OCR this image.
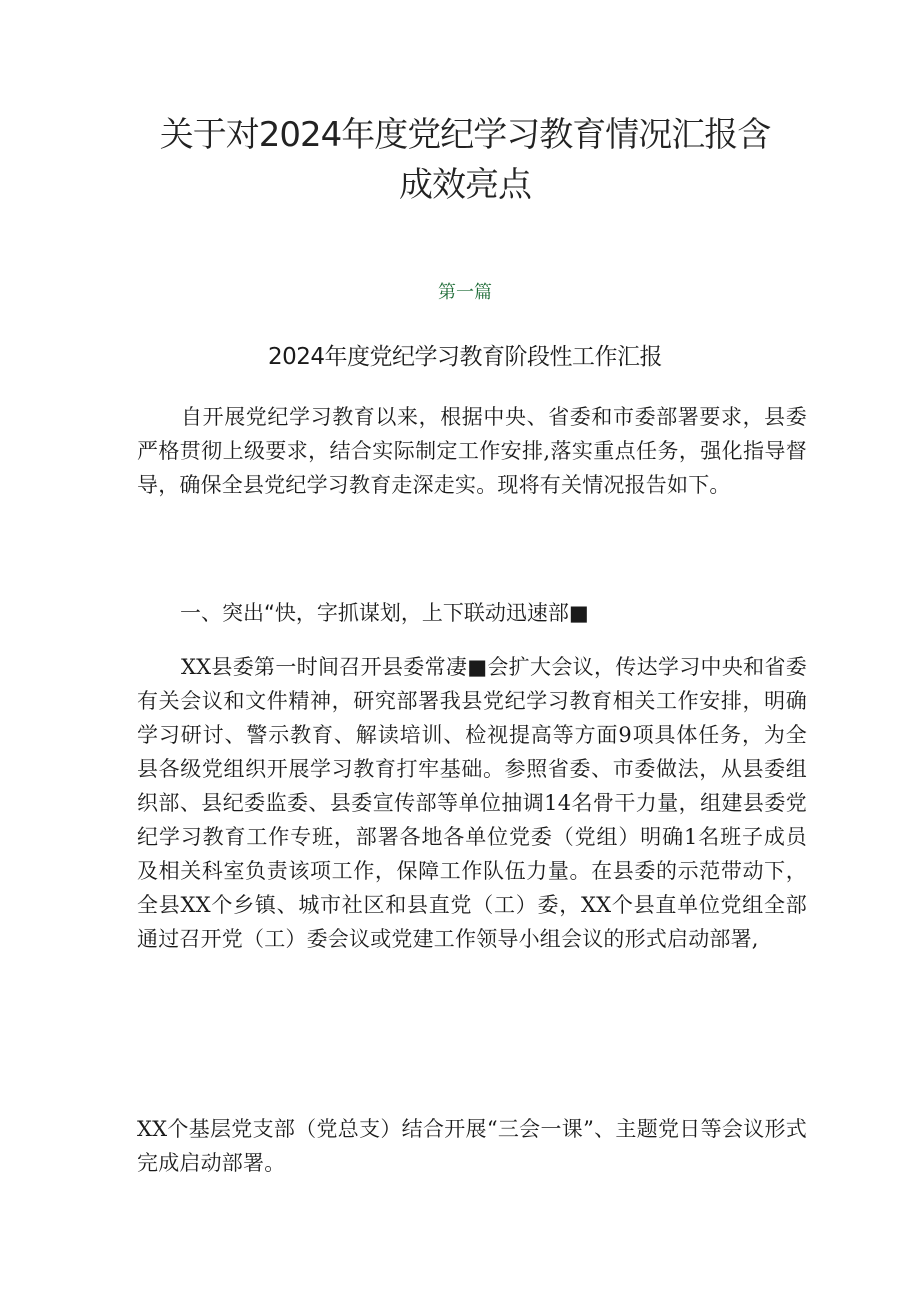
关于对2024年度党纪学习教育情况汇报含
成效亮点
第一篇
2024年度党纪学习教育阶段性工作汇报

自开展党纪学习教育以来，根据中央、省委和市委部署要求，县委严格贯彻上级要求，结合实际制定工作安排,落实重点任务，强化指导督导，确保全县党纪学习教育走深走实。现将有关情况报告如下。

一、突出“快，字抓谋划，上下联动迅速部■

XX县委第一时间召开县委常凄■会扩大会议，传达学习中央和省委有关会议和文件精神，研究部署我县党纪学习教育相关工作安排，明确学习研讨、警示教育、解读培训、检视提高等方面9项具体任务，为全县各级党组织开展学习教育打牢基础。参照省委、市委做法，从县委组织部、县纪委监委、县委宣传部等单位抽调14名骨干力量，组建县委党纪学习教育工作专班，部署各地各单位党委（党组）明确1名班子成员及相关科室负责该项工作，保障工作队伍力量。在县委的示范带动下，全县XX个乡镇、城市社区和县直党（工）委，XX个县直单位党组全部通过召开党（工）委会议或党建工作领导小组会议的形式启动部署,

XX个基层党支部（党总支）结合开展“三会一课”、主题党日等会议形式完成启动部署。
